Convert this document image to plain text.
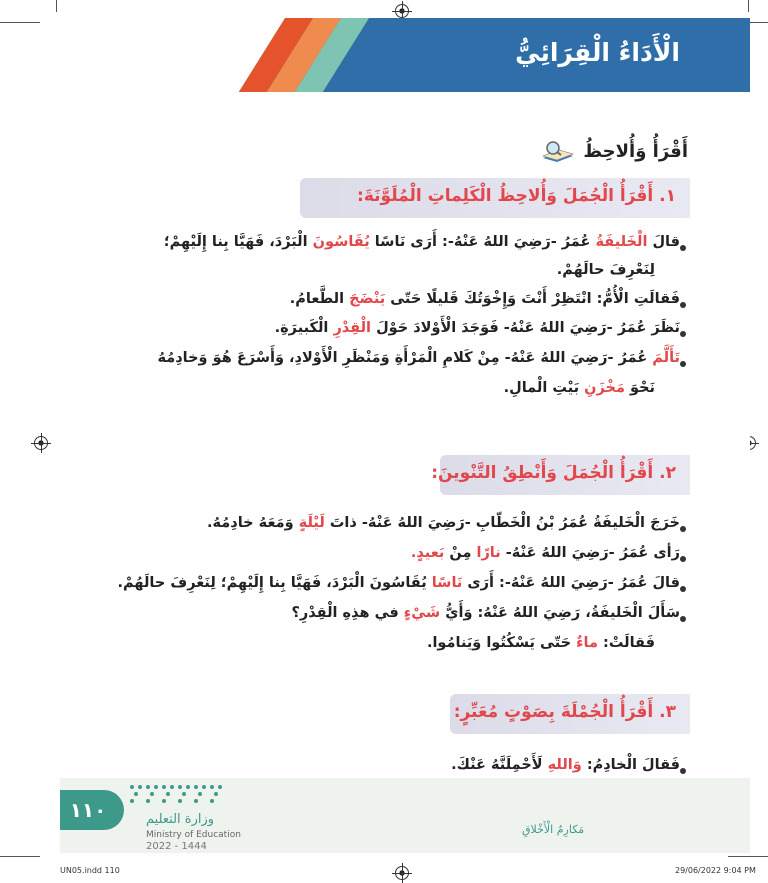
الْأَدَاءُ الْقِرَائِيُّ
أَقْرَأُ وَأُلاحِظُ
١. أَقْرَأُ الْجُمَلَ وَأُلاحِظُ الْكَلِماتِ الْمُلَوَّنَةَ:
قالَ الْخَليفَةُ عُمَرُ -رَضِيَ اللهُ عَنْهُ-: أَرَى نَاسًا يُقَاسُونَ الْبَرْدَ، فَهَيَّا بِنا إِلَيْهِمْ؛
لِنَعْرِفَ حالَهُمْ.
فَقالَتِ الْأُمُّ: انْتَظِرْ أَنْتَ وَإِخْوَتُكَ قَليلًا حَتّى يَنْضَجَ الطَّعامُ.
نَظَرَ عُمَرُ -رَضِيَ اللهُ عَنْهُ- فَوَجَدَ الْأَوْلادَ حَوْلَ الْقِدْرِ الْكَبيرَةِ.
تَأَلَّمَ عُمَرُ -رَضِيَ اللهُ عَنْهُ- مِنْ كَلامِ الْمَرْأَةِ وَمَنْظَرِ الْأَوْلادِ، وَأَسْرَعَ هُوَ وَخادِمُهُ
نَحْوَ مَخْزَنِ بَيْتِ الْمالِ.
٢. أَقْرَأُ الْجُمَلَ وَأَنْطِقُ التَّنْوينَ:
خَرَجَ الْخَليفَةُ عُمَرُ بْنُ الْخَطّابِ -رَضِيَ اللهُ عَنْهُ- ذاتَ لَيْلَةٍ وَمَعَهُ خادِمُهُ.
رَأى عُمَرُ -رَضِيَ اللهُ عَنْهُ- نارًا مِنْ بَعيدٍ.
قالَ عُمَرُ -رَضِيَ اللهُ عَنْهُ-: أَرَى نَاسًا يُقَاسُونَ الْبَرْدَ، فَهَيَّا بِنا إِلَيْهِمْ؛ لِنَعْرِفَ حالَهُمْ.
سَأَلَ الْخَليفَةُ، رَضِيَ اللهُ عَنْهُ: وَأَيُّ شَيْءٍ في هذِهِ الْقِدْرِ؟
فَقالَتْ: ماءٌ حَتّى يَسْكُتُوا وَيَنامُوا.
٣. أَقْرَأُ الْجُمْلَةَ بِصَوْتٍ مُعَبِّرٍ:
فَقالَ الْخادِمُ: وَاللهِ لَأَحْمِلَنَّهُ عَنْكَ.
وزارة التعليم
Ministry of Education
2022 - 1444
مَكارِمُ الْأَخْلاقِ
١١٠
UN05.indd 110	29/06/2022 9:04 PM
